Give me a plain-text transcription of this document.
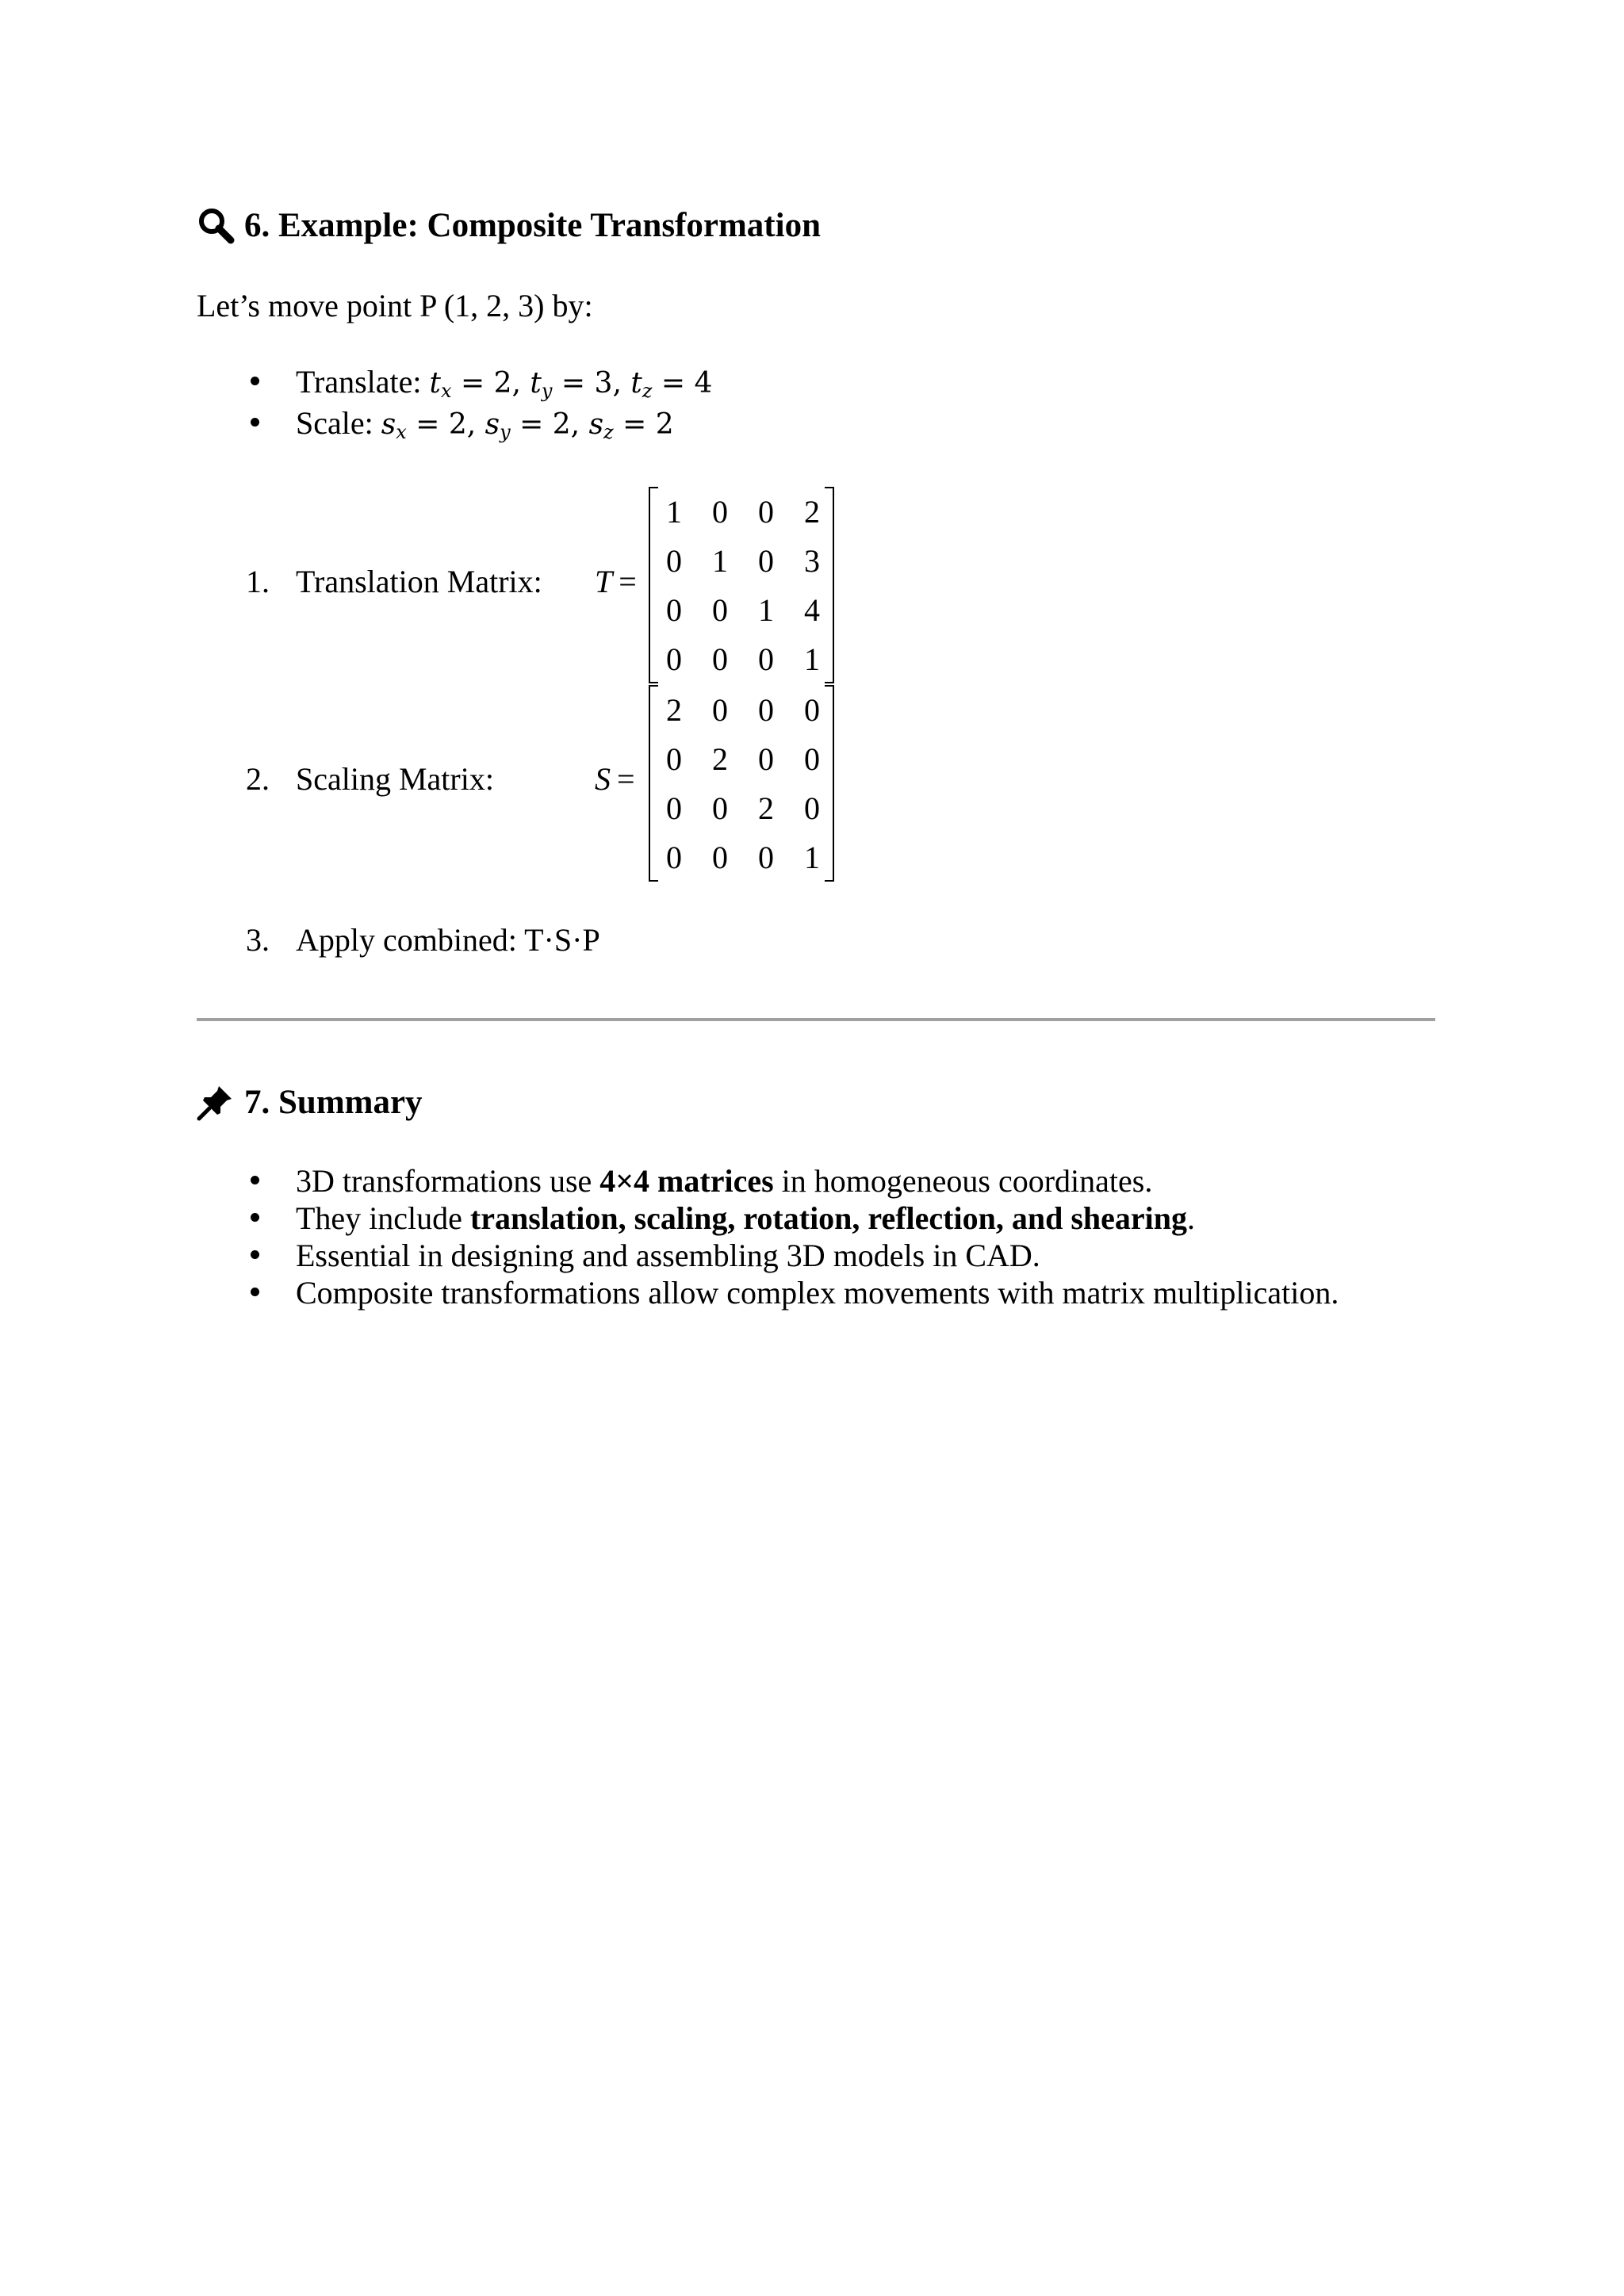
6. Example: Composite Transformation
Let’s move point P (1, 2, 3) by:
Translate: $t_x = 2$, $t_y = 3$, $t_z = 4$
Scale: $s_x = 2$, $s_y = 2$, $s_z = 2$
1. Translation Matrix: T =
1 0 0 2
0 1 0 3
0 0 1 4
0 0 0 1
2. Scaling Matrix:	S =
2 0 0 0
0 2 0 0
0 0 2 0
0 0 0 1
3. Apply combined: T·S·P
7. Summary
3D transformations use 4×4 matrices in homogeneous coordinates.
They include translation, scaling, rotation, reflection, and shearing.
Essential in designing and assembling 3D models in CAD.
Composite transformations allow complex movements with matrix multiplication.
